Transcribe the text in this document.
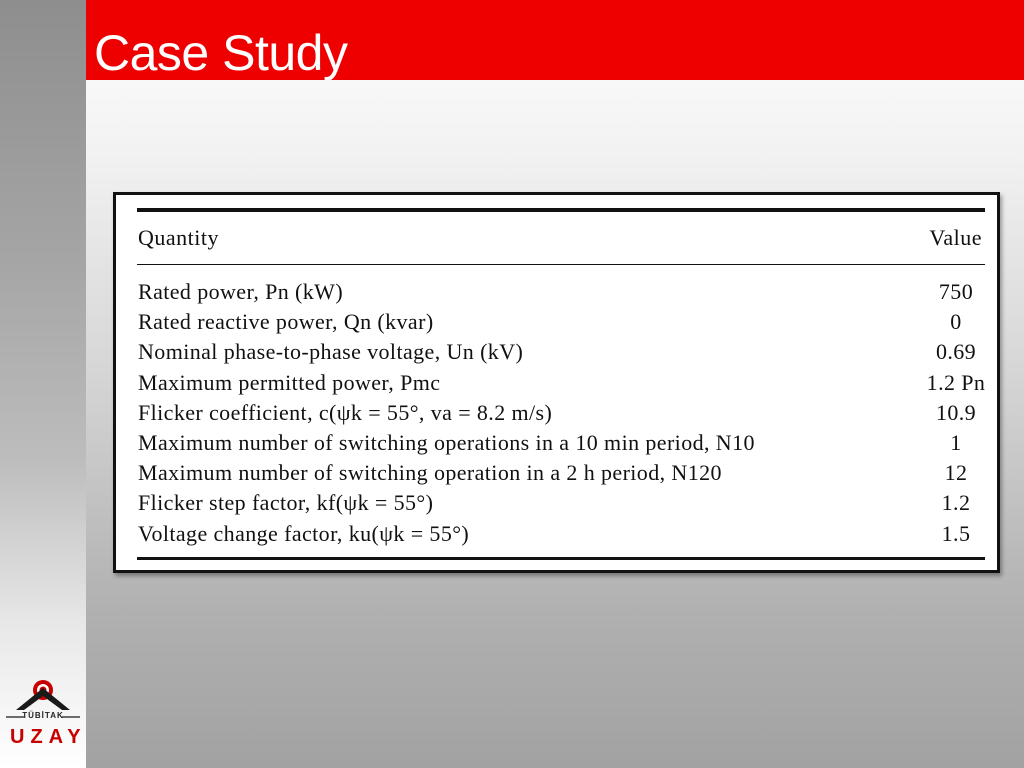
Case Study
Quantity	Value
Rated power, Pn (kW)	750
Rated reactive power, Qn (kvar)	0
Nominal phase-to-phase voltage, Un (kV)	0.69
Maximum permitted power, Pmc	1.2 Pn
Flicker coefficient, c(ψk = 55°, va = 8.2 m/s)	10.9
Maximum number of switching operations in a 10 min period, N10	1
Maximum number of switching operation in a 2 h period, N120	12
Flicker step factor, kf(ψk = 55°)	1.2
Voltage change factor, ku(ψk = 55°)	1.5
TÜBİTAK
UZAY
